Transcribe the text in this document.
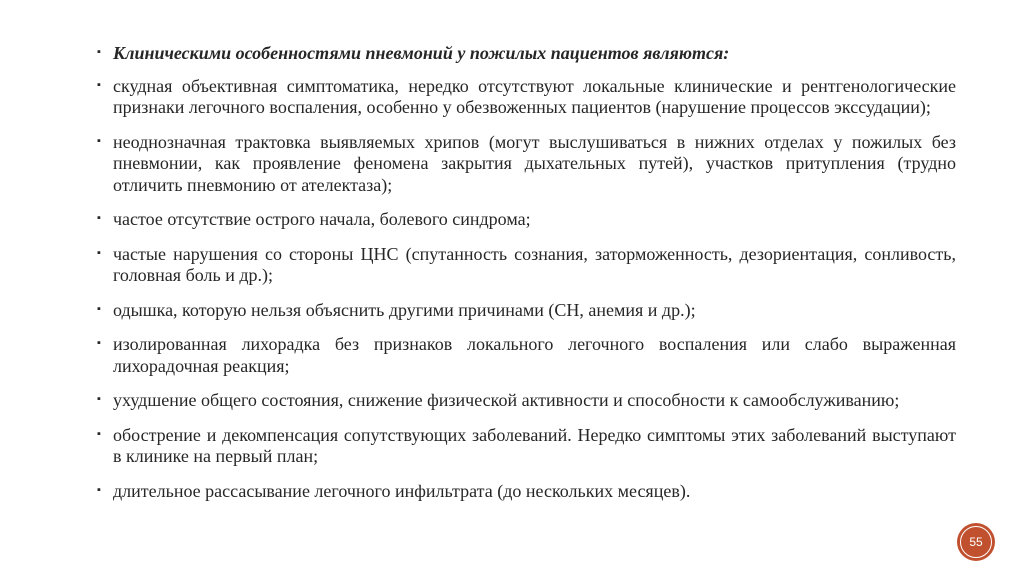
▪ Клиническими особенностями пневмоний у пожилых пациентов являются:
▪ скудная объективная симптоматика, нередко отсутствуют локальные клинические и рентгенологические признаки легочного воспаления, особенно у обезвоженных пациентов (нарушение процессов экссудации);
▪ неоднозначная трактовка выявляемых хрипов (могут выслушиваться в нижних отделах у пожилых без пневмонии, как проявление феномена закрытия дыхательных путей), участков притупления (трудно отличить пневмонию от ателектаза);
▪ частое отсутствие острого начала, болевого синдрома;
▪ частые нарушения со стороны ЦНС (спутанность сознания, заторможенность, дезориентация, сонливость, головная боль и др.);
▪ одышка, которую нельзя объяснить другими причинами (СН, анемия и др.);
▪ изолированная лихорадка без признаков локального легочного воспаления или слабо выраженная лихорадочная реакция;
▪ ухудшение общего состояния, снижение физической активности и способности к самообслуживанию;
▪ обострение и декомпенсация сопутствующих заболеваний. Нередко симптомы этих заболеваний выступают в клинике на первый план;
▪ длительное рассасывание легочного инфильтрата (до нескольких месяцев).
55
